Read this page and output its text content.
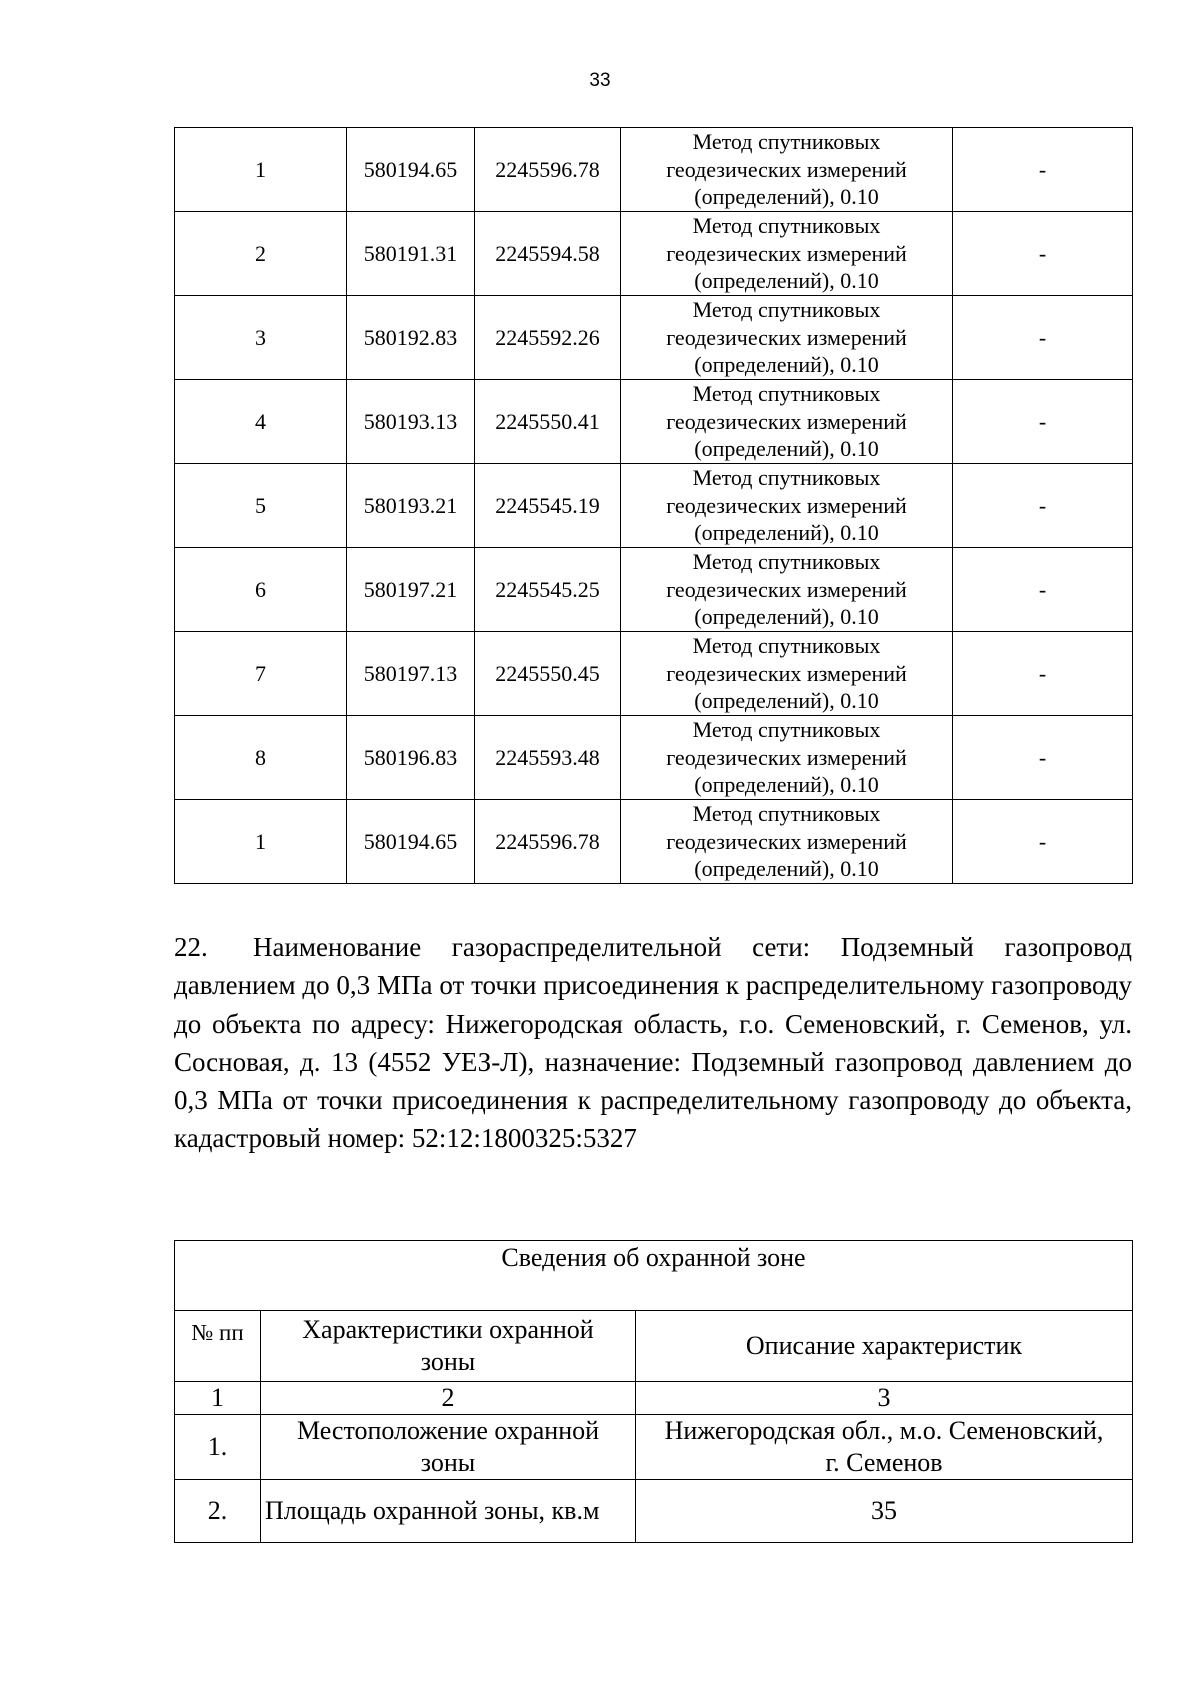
33
1	580194.65	2245596.78	Метод спутниковых
геодезических измерений
(определений), 0.10	-
2	580191.31	2245594.58	Метод спутниковых
геодезических измерений
(определений), 0.10	-
3	580192.83	2245592.26	Метод спутниковых
геодезических измерений
(определений), 0.10	-
4	580193.13	2245550.41	Метод спутниковых
геодезических измерений
(определений), 0.10	-
5	580193.21	2245545.19	Метод спутниковых
геодезических измерений
(определений), 0.10	-
6	580197.21	2245545.25	Метод спутниковых
геодезических измерений
(определений), 0.10	-
7	580197.13	2245550.45	Метод спутниковых
геодезических измерений
(определений), 0.10	-
8	580196.83	2245593.48	Метод спутниковых
геодезических измерений
(определений), 0.10	-
1	580194.65	2245596.78	Метод спутниковых
геодезических измерений
(определений), 0.10	-
22. Наименование газораспределительной сети: Подземный газопровод давлением до 0,3 МПа от точки присоединения к распределительному газопроводу до объекта по адресу: Нижегородская область, г.о. Семеновский, г. Семенов, ул. Сосновая, д. 13 (4552 УЕЗ-Л), назначение: Подземный газопровод давлением до 0,3 МПа от точки присоединения к распределительному газопроводу до объекта, кадастровый номер: 52:12:1800325:5327
Сведения об охранной зоне		
№ пп	Характеристики охранной
зоны	Описание характеристик
1	2	3
1.	Местоположение охранной
зоны	Нижегородская обл., м.о. Семеновский,
г. Семенов
2.	Площадь охранной зоны, кв.м	35
